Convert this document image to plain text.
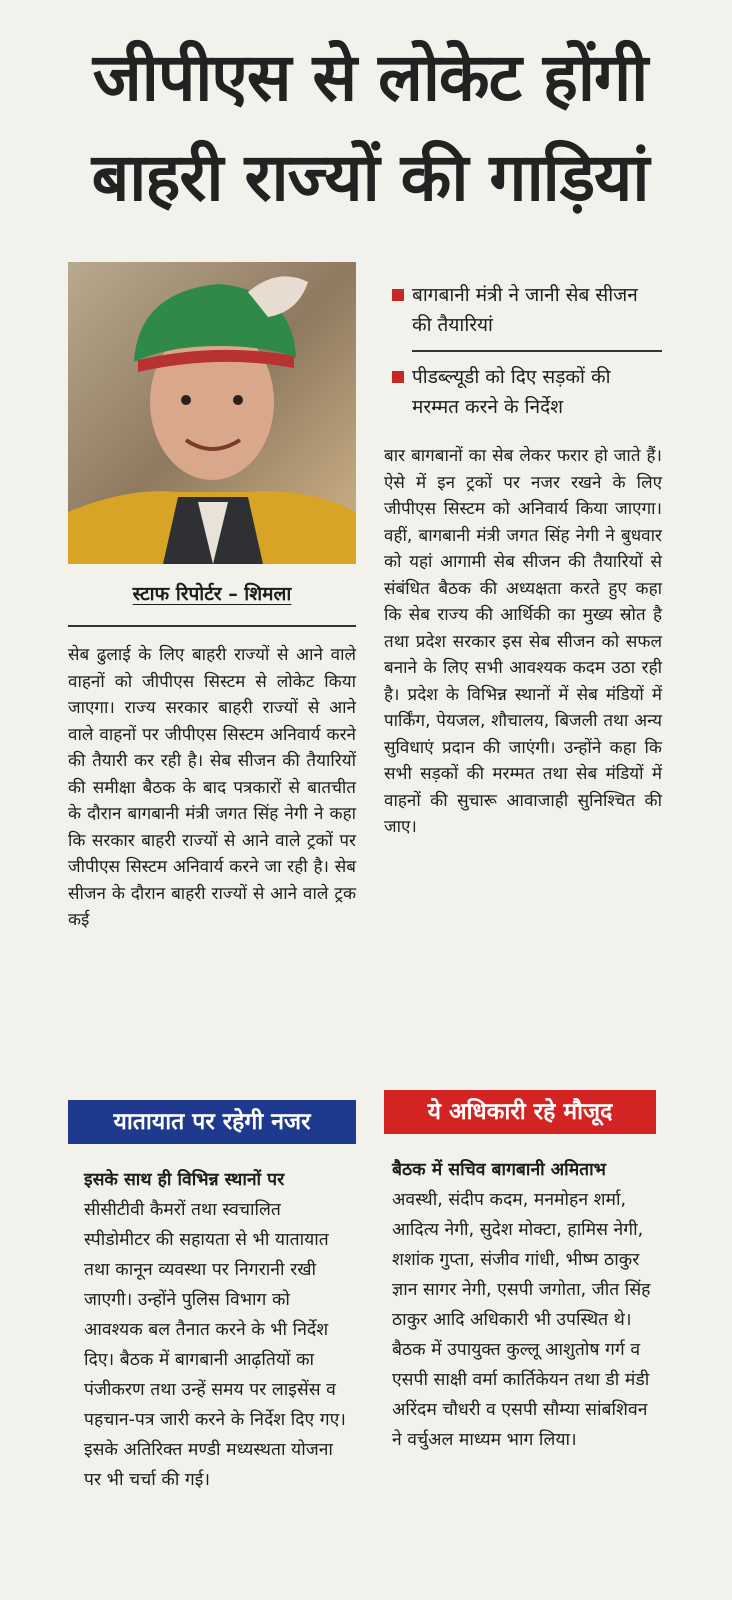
जीपीएस से लोकेट होंगी
बाहरी राज्यों की गाड़ियां
स्टाफ रिपोर्टर – शिमला
सेब ढुलाई के लिए बाहरी राज्यों से आने वाले वाहनों को जीपीएस सिस्टम से लोकेट किया जाएगा। राज्य सरकार बाहरी राज्यों से आने वाले वाहनों पर जीपीएस सिस्टम अनिवार्य करने की तैयारी कर रही है। सेब सीजन की तैयारियों की समीक्षा बैठक के बाद पत्रकारों से बातचीत के दौरान बागबानी मंत्री जगत सिंह नेगी ने कहा कि सरकार बाहरी राज्यों से आने वाले ट्रकों पर जीपीएस सिस्टम अनिवार्य करने जा रही है। सेब सीजन के दौरान बाहरी राज्यों से आने वाले ट्रक कई
बागबानी मंत्री ने जानी सेब सीजन की तैयारियां
पीडब्ल्यूडी को दिए सड़कों की मरम्मत करने के निर्देश
बार बागबानों का सेब लेकर फरार हो जाते हैं। ऐसे में इन ट्रकों पर नजर रखने के लिए जीपीएस सिस्टम को अनिवार्य किया जाएगा। वहीं, बागबानी मंत्री जगत सिंह नेगी ने बुधवार को यहां आगामी सेब सीजन की तैयारियों से संबंधित बैठक की अध्यक्षता करते हुए कहा कि सेब राज्य की आर्थिकी का मुख्य स्रोत है तथा प्रदेश सरकार इस सेब सीजन को सफल बनाने के लिए सभी आवश्यक कदम उठा रही है। प्रदेश के विभिन्न स्थानों में सेब मंडियों में पार्किंग, पेयजल, शौचालय, बिजली तथा अन्य सुविधाएं प्रदान की जाएंगी। उन्होंने कहा कि सभी सड़कों की मरम्मत तथा सेब मंडियों में वाहनों की सुचारू आवाजाही सुनिश्चित की जाए।
यातायात पर रहेगी नजर
इसके साथ ही विभिन्न स्थानों पर सीसीटीवी कैमरों तथा स्वचालित स्पीडोमीटर की सहायता से भी यातायात तथा कानून व्यवस्था पर निगरानी रखी जाएगी। उन्होंने पुलिस विभाग को आवश्यक बल तैनात करने के भी निर्देश दिए। बैठक में बागबानी आढ़तियों का पंजीकरण तथा उन्हें समय पर लाइसेंस व पहचान-पत्र जारी करने के निर्देश दिए गए। इसके अतिरिक्त मण्डी मध्यस्थता योजना पर भी चर्चा की गई।
ये अधिकारी रहे मौजूद
बैठक में सचिव बागबानी अमिताभ अवस्थी, संदीप कदम, मनमोहन शर्मा, आदित्य नेगी, सुदेश मोक्टा, हामिस नेगी, शशांक गुप्ता, संजीव गांधी, भीष्म ठाकुर ज्ञान सागर नेगी, एसपी जगोता, जीत सिंह ठाकुर आदि अधिकारी भी उपस्थित थे। बैठक में उपायुक्त कुल्लू आशुतोष गर्ग व एसपी साक्षी वर्मा कार्तिकेयन तथा डी मंडी अरिंदम चौधरी व एसपी सौम्या सांबशिवन ने वर्चुअल माध्यम भाग लिया।
